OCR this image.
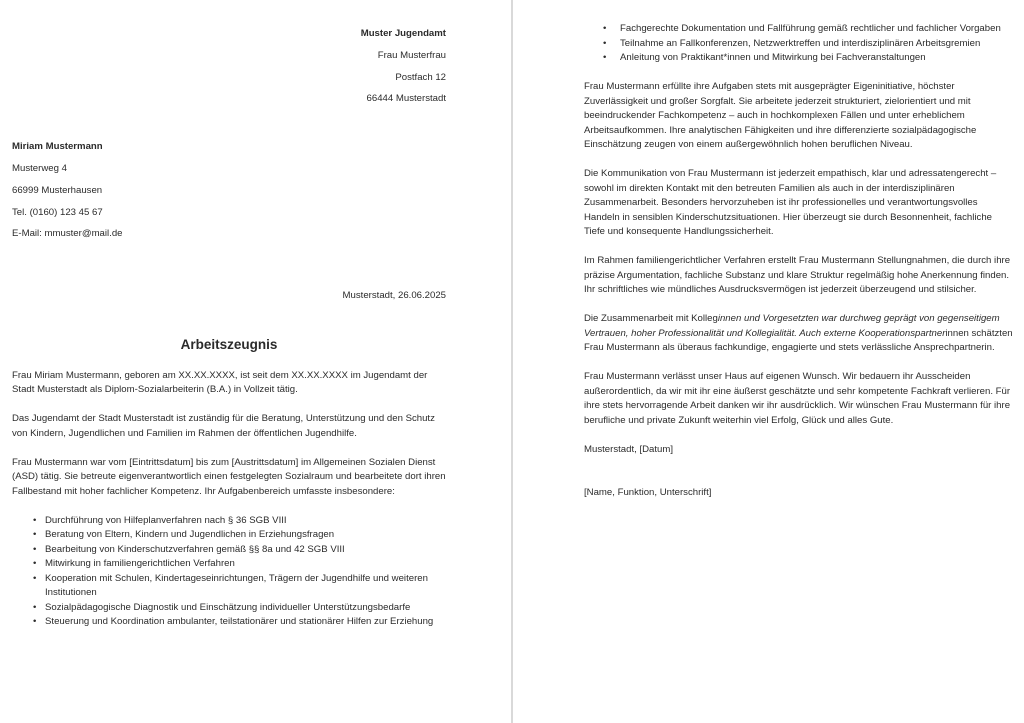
Muster Jugendamt
Frau Musterfrau
Postfach 12
66444 Musterstadt
Miriam Mustermann
Musterweg 4
66999 Musterhausen
Tel. (0160) 123 45 67
E-Mail: mmuster@mail.de
Musterstadt, 26.06.2025
Arbeitszeugnis

Frau Miriam Mustermann, geboren am XX.XX.XXXX, ist seit dem XX.XX.XXXX im Jugendamt der Stadt Musterstadt als Diplom-Sozialarbeiterin (B.A.) in Vollzeit tätig.

Das Jugendamt der Stadt Musterstadt ist zuständig für die Beratung, Unterstützung und den Schutz von Kindern, Jugendlichen und Familien im Rahmen der öffentlichen Jugendhilfe.

Frau Mustermann war vom [Eintrittsdatum] bis zum [Austrittsdatum] im Allgemeinen Sozialen Dienst (ASD) tätig. Sie betreute eigenverantwortlich einen festgelegten Sozialraum und bearbeitete dort ihren Fallbestand mit hoher fachlicher Kompetenz. Ihr Aufgabenbereich umfasste insbesondere:

• Durchführung von Hilfeplanverfahren nach § 36 SGB VIII
• Beratung von Eltern, Kindern und Jugendlichen in Erziehungsfragen
• Bearbeitung von Kinderschutzverfahren gemäß §§ 8a und 42 SGB VIII
• Mitwirkung in familiengerichtlichen Verfahren
• Kooperation mit Schulen, Kindertageseinrichtungen, Trägern der Jugendhilfe und weiteren Institutionen
• Sozialpädagogische Diagnostik und Einschätzung individueller Unterstützungsbedarfe
• Steuerung und Koordination ambulanter, teilstationärer und stationärer Hilfen zur Erziehung
•	Fachgerechte Dokumentation und Fallführung gemäß rechtlicher und fachlicher Vorgaben
•	Teilnahme an Fallkonferenzen, Netzwerktreffen und interdisziplinären Arbeitsgremien
•	Anleitung von Praktikant*innen und Mitwirkung bei Fachveranstaltungen

Frau Mustermann erfüllte ihre Aufgaben stets mit ausgeprägter Eigeninitiative, höchster Zuverlässigkeit und großer Sorgfalt. Sie arbeitete jederzeit strukturiert, zielorientiert und mit beeindruckender Fachkompetenz – auch in hochkomplexen Fällen und unter erheblichem Arbeitsaufkommen. Ihre analytischen Fähigkeiten und ihre differenzierte sozialpädagogische Einschätzung zeugen von einem außergewöhnlich hohen beruflichen Niveau.

Die Kommunikation von Frau Mustermann ist jederzeit empathisch, klar und adressatengerecht – sowohl im direkten Kontakt mit den betreuten Familien als auch in der interdisziplinären Zusammenarbeit. Besonders hervorzuheben ist ihr professionelles und verantwortungsvolles Handeln in sensiblen Kinderschutzsituationen. Hier überzeugt sie durch Besonnenheit, fachliche Tiefe und konsequente Handlungssicherheit.

Im Rahmen familiengerichtlicher Verfahren erstellt Frau Mustermann Stellungnahmen, die durch ihre präzise Argumentation, fachliche Substanz und klare Struktur regelmäßig hohe Anerkennung finden. Ihr schriftliches wie mündliches Ausdrucksvermögen ist jederzeit überzeugend und stilsicher.

Die Zusammenarbeit mit Kolleginnen und Vorgesetzten war durchweg geprägt von gegenseitigem Vertrauen, hoher Professionalität und Kollegialität. Auch externe Kooperationspartnerinnen schätzten Frau Mustermann als überaus fachkundige, engagierte und stets verlässliche Ansprechpartnerin.

Frau Mustermann verlässt unser Haus auf eigenen Wunsch. Wir bedauern ihr Ausscheiden außerordentlich, da wir mit ihr eine äußerst geschätzte und sehr kompetente Fachkraft verlieren. Für ihre stets hervorragende Arbeit danken wir ihr ausdrücklich. Wir wünschen Frau Mustermann für ihre berufliche und private Zukunft weiterhin viel Erfolg, Glück und alles Gute.

Musterstadt, [Datum]
[Name, Funktion, Unterschrift]
